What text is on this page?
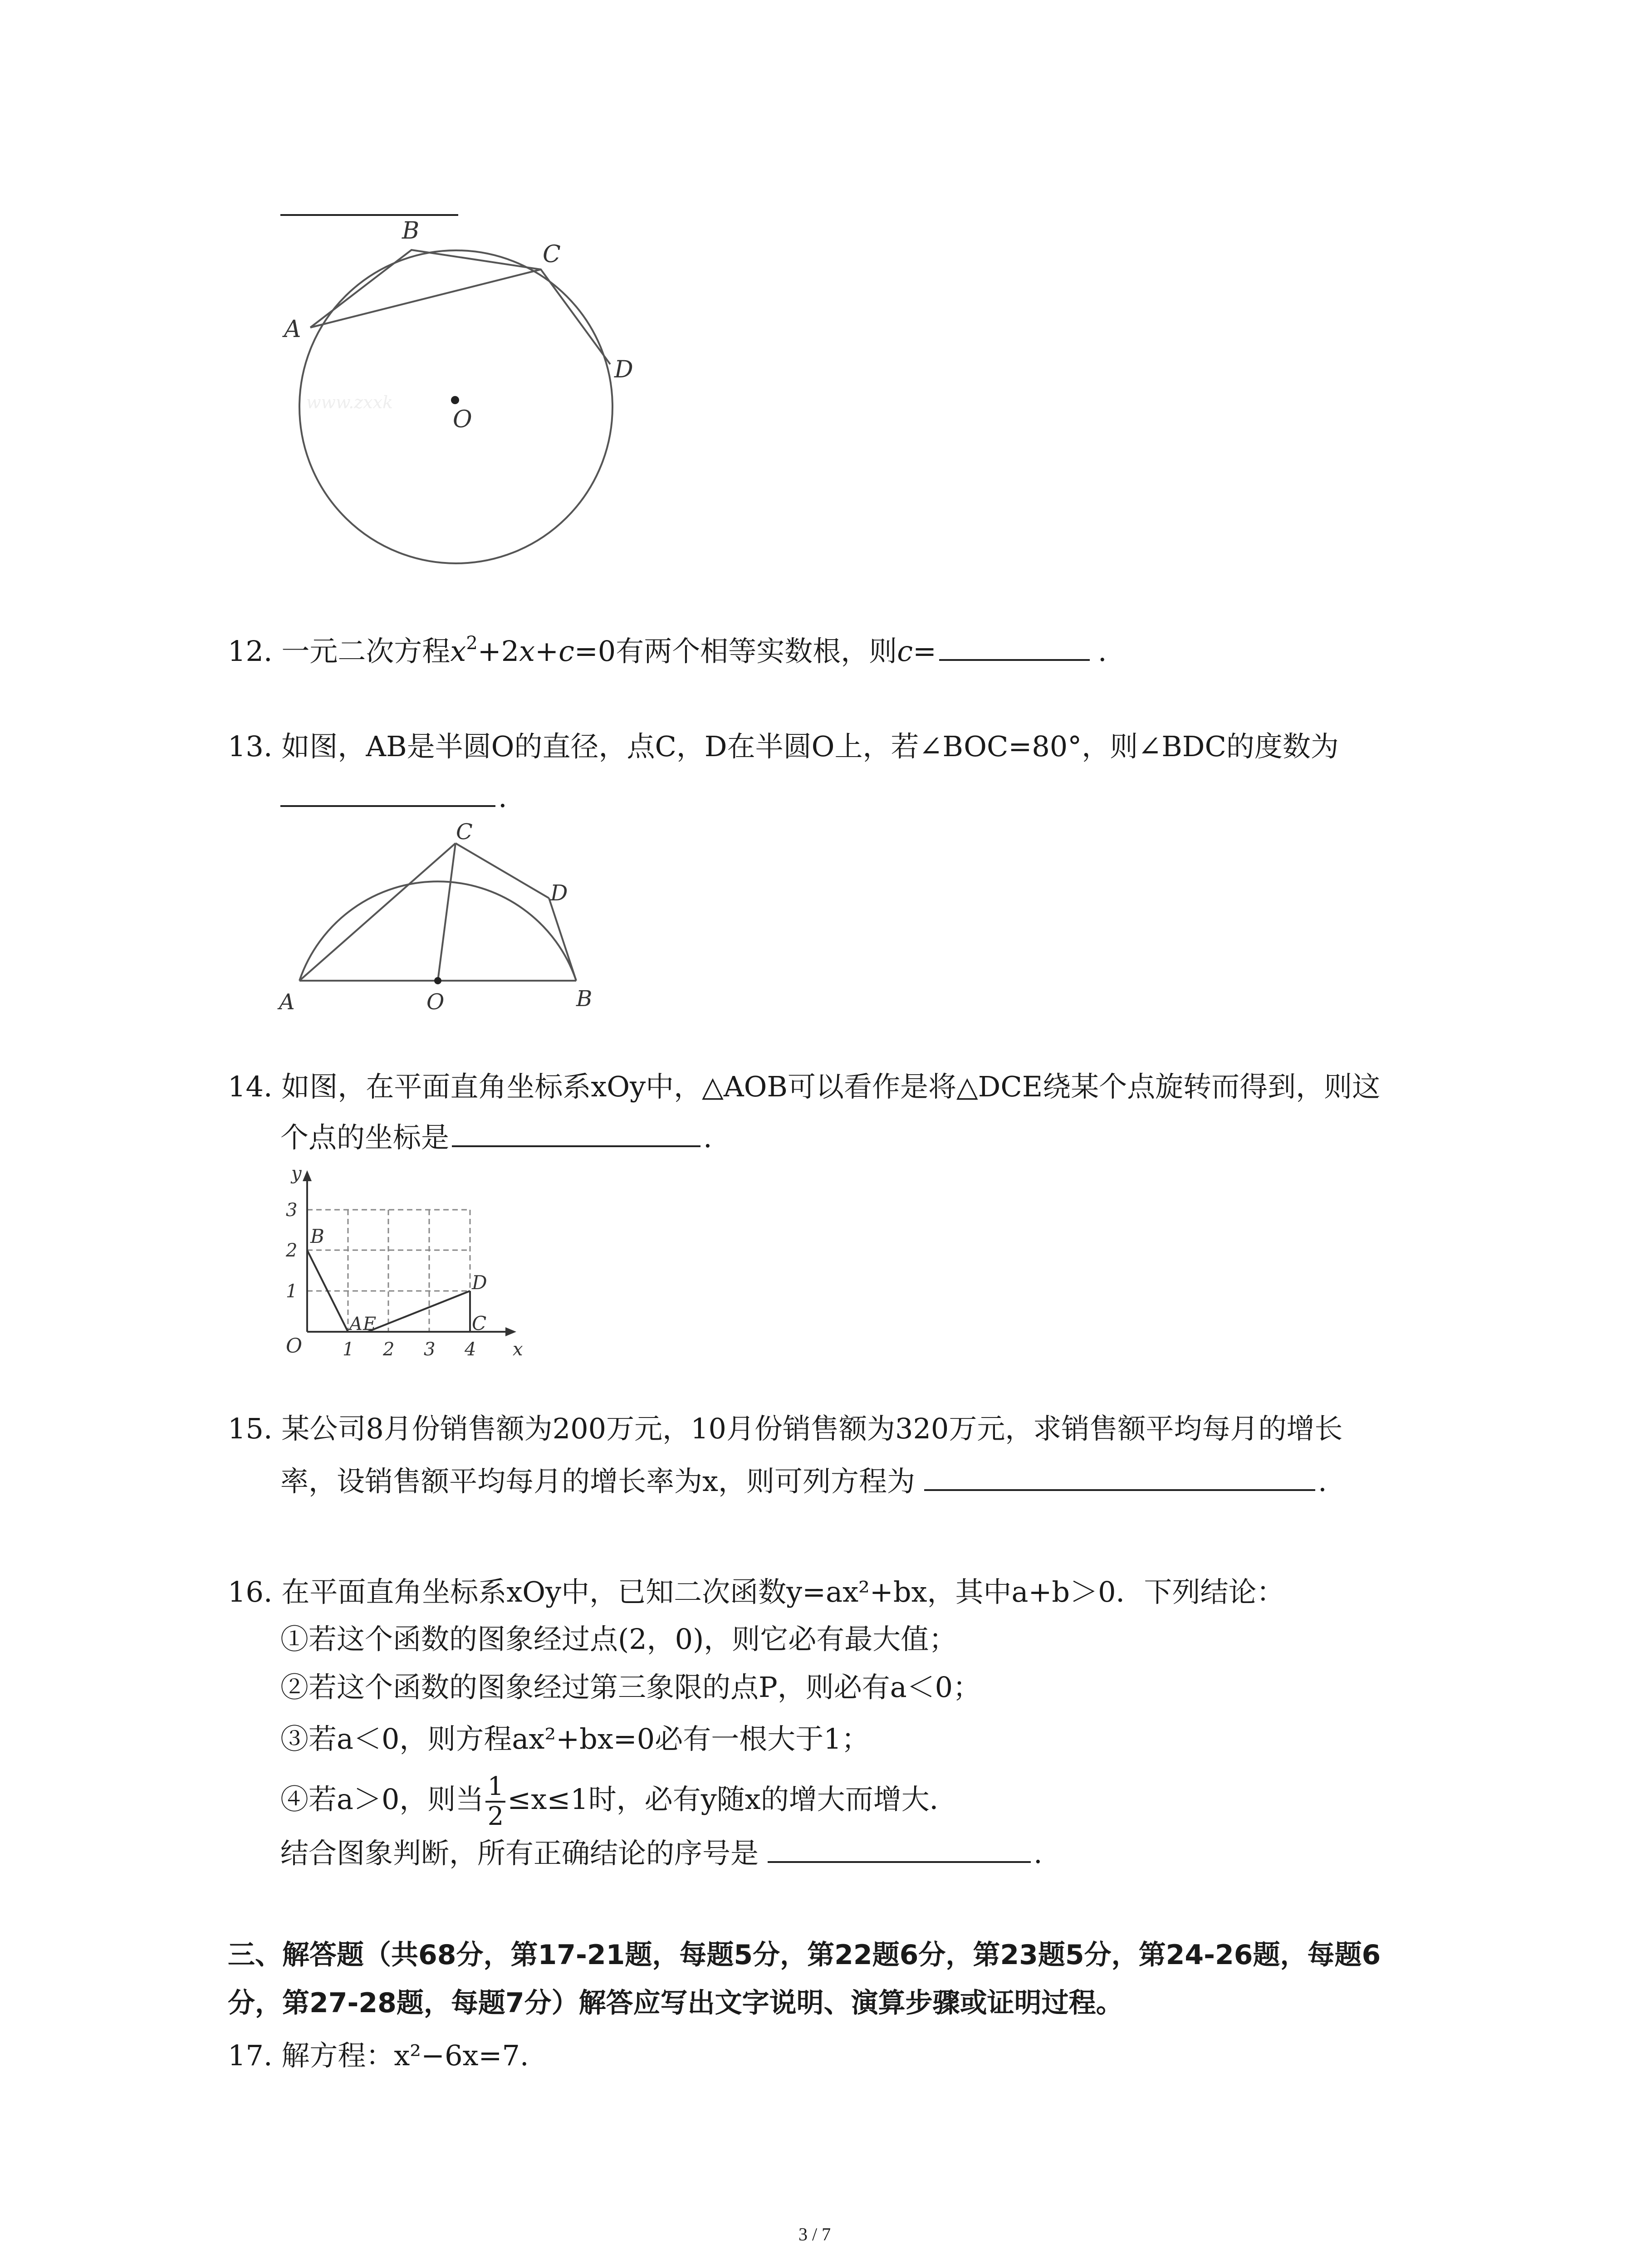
A
B
C
D
O
www.zxxk
12. 一元二次方程$x^2+2x+c=0$有两个相等实数根，则c=	.
13. 如图，AB是半圆O的直径，点C，D在半圆O上，若∠BOC=80°，则∠BDC的度数为
.
A	O	B
C
D
14. 如图，在平面直角坐标系xOy中，△AOB可以看作是将△DCE绕某个点旋转而得到，则这
个点的坐标是	.
y
x
O 1 2 3 4
1
2
3
B
A E
D
C
15. 某公司8月份销售额为200万元，10月份销售额为320万元，求销售额平均每月的增长
率，设销售额平均每月的增长率为x，则可列方程为	.
16. 在平面直角坐标系xOy中，已知二次函数y=ax²+bx，其中a+b＞0．下列结论：
①若这个函数的图象经过点(2，0)，则它必有最大值；
②若这个函数的图象经过第三象限的点P，则必有a＜0；
③若a＜0，则方程ax²+bx=0必有一根大于1；
④若a＞0，则当 $\frac{1}{2} \le x\le 1$时，必有y随x的增大而增大．
结合图象判断，所有正确结论的序号是	.
三、解答题（共68分，第17-21题，每题5分，第22题6分，第23题5分，第24-26题，每题6
分，第27-28题，每题7分）解答应写出文字说明、演算步骤或证明过程。
17. 解方程：x²−6x=7.
3 / 7
